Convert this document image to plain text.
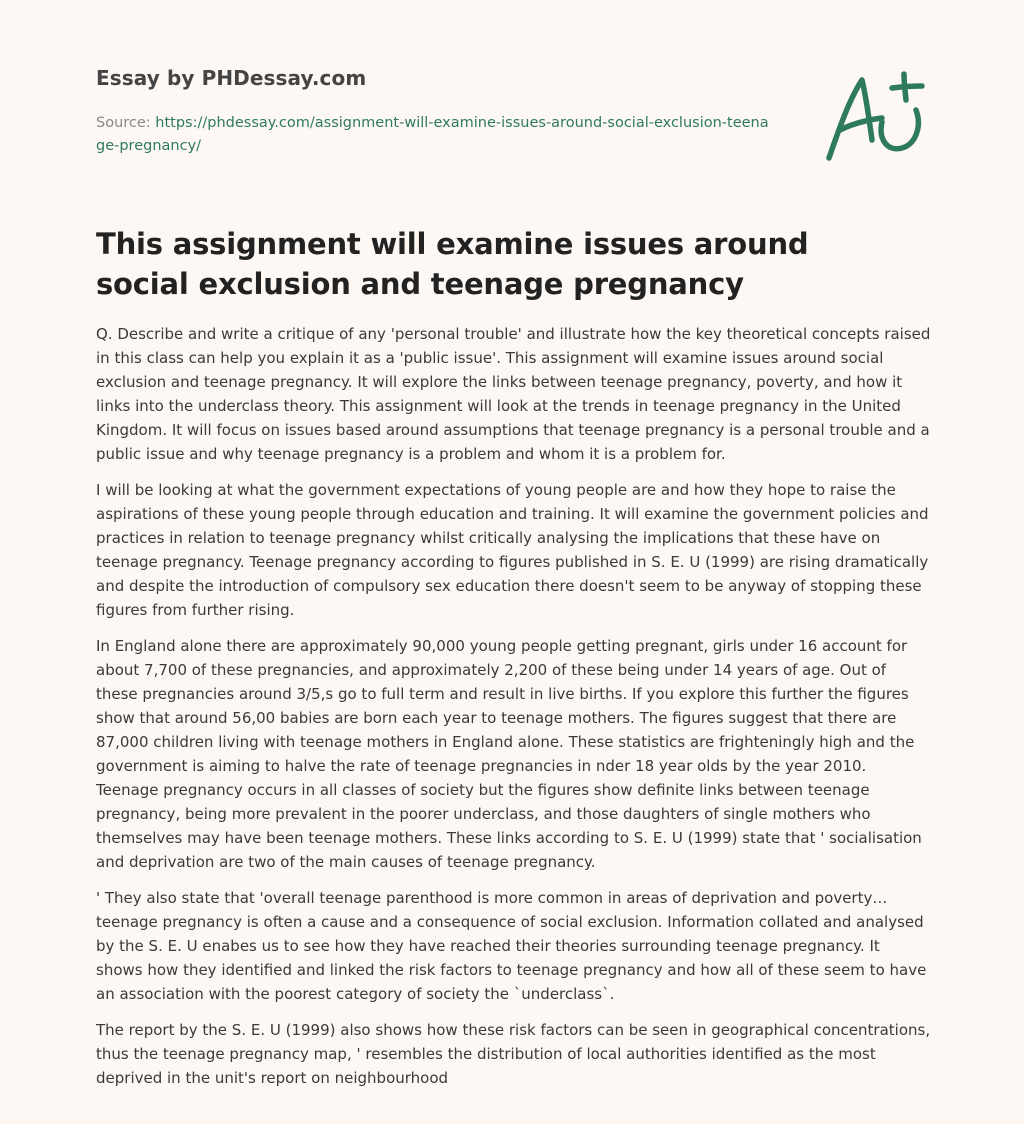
Essay by PHDessay.com
Source: https://phdessay.com/assignment-will-examine-issues-around-social-exclusion-teenage-pregnancy/
This assignment will examine issues around social exclusion and teenage pregnancy

Q. Describe and write a critique of any 'personal trouble' and illustrate how the key theoretical concepts raised in this class can help you explain it as a 'public issue'. This assignment will examine issues around social exclusion and teenage pregnancy. It will explore the links between teenage pregnancy, poverty, and how it links into the underclass theory. This assignment will look at the trends in teenage pregnancy in the United Kingdom. It will focus on issues based around assumptions that teenage pregnancy is a personal trouble and a public issue and why teenage pregnancy is a problem and whom it is a problem for.

I will be looking at what the government expectations of young people are and how they hope to raise the aspirations of these young people through education and training. It will examine the government policies and practices in relation to teenage pregnancy whilst critically analysing the implications that these have on teenage pregnancy. Teenage pregnancy according to figures published in S. E. U (1999) are rising dramatically and despite the introduction of compulsory sex education there doesn't seem to be anyway of stopping these figures from further rising.

In England alone there are approximately 90,000 young people getting pregnant, girls under 16 account for about 7,700 of these pregnancies, and approximately 2,200 of these being under 14 years of age. Out of these pregnancies around 3/5,s go to full term and result in live births. If you explore this further the figures show that around 56,00 babies are born each year to teenage mothers. The figures suggest that there are 87,000 children living with teenage mothers in England alone. These statistics are frighteningly high and the government is aiming to halve the rate of teenage pregnancies in nder 18 year olds by the year 2010. Teenage pregnancy occurs in all classes of society but the figures show definite links between teenage pregnancy, being more prevalent in the poorer underclass, and those daughters of single mothers who themselves may have been teenage mothers. These links according to S. E. U (1999) state that ' socialisation and deprivation are two of the main causes of teenage pregnancy.

' They also state that 'overall teenage parenthood is more common in areas of deprivation and poverty… teenage pregnancy is often a cause and a consequence of social exclusion. Information collated and analysed by the S. E. U enabes us to see how they have reached their theories surrounding teenage pregnancy. It shows how they identified and linked the risk factors to teenage pregnancy and how all of these seem to have an association with the poorest category of society the `underclass`.

The report by the S. E. U (1999) also shows how these risk factors can be seen in geographical concentrations, thus the teenage pregnancy map, ' resembles the distribution of local authorities identified as the most deprived in the unit's report on neighbourhood
